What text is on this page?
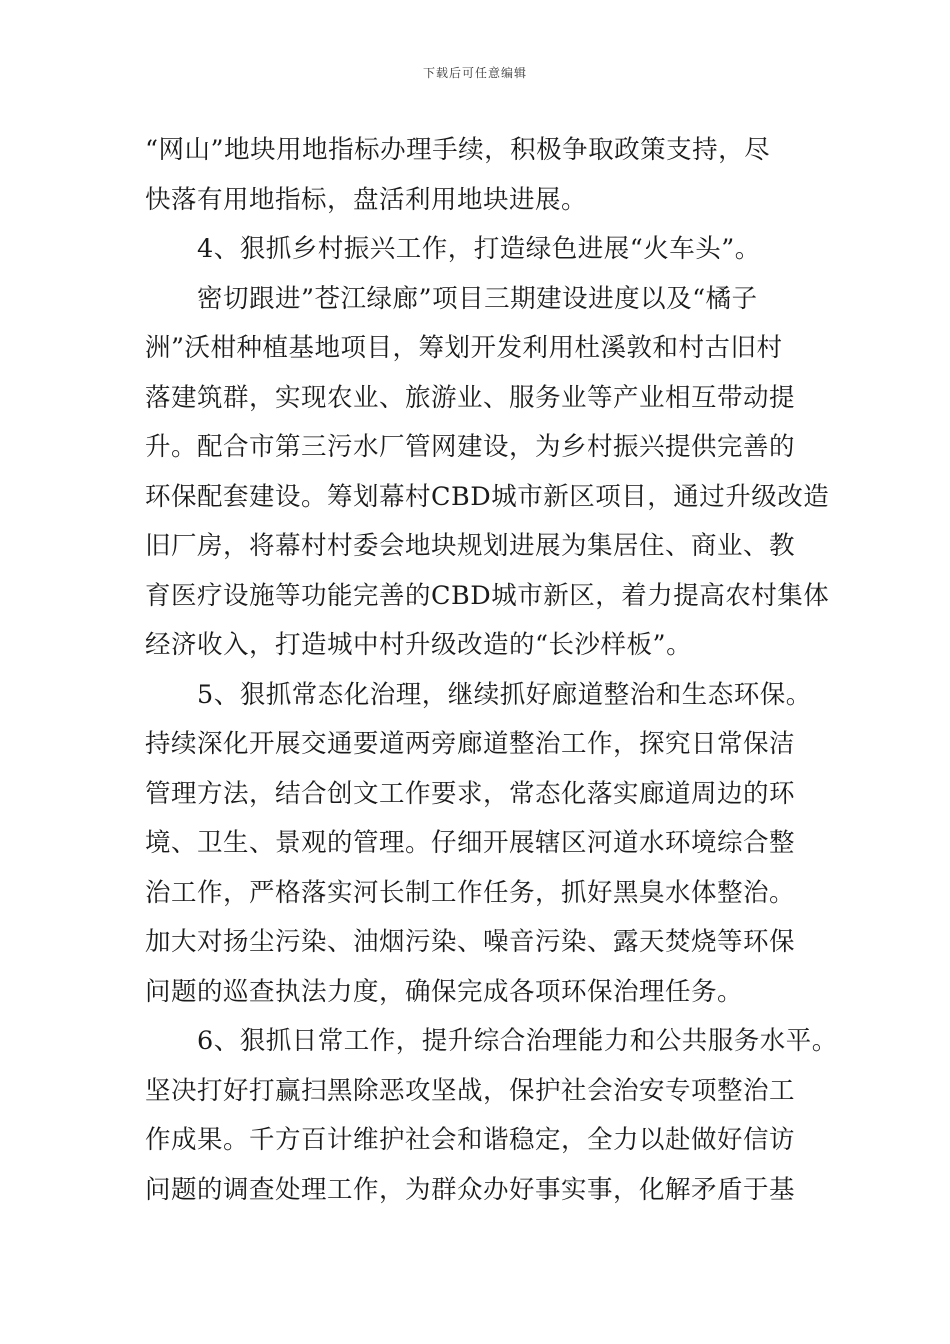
下载后可任意编辑
“网山”地块用地指标办理手续，积极争取政策支持，尽
快落有用地指标，盘活利用地块进展。
4、狠抓乡村振兴工作，打造绿色进展“火车头”。
密切跟进”苍江绿廊”项目三期建设进度以及“橘子
洲”沃柑种植基地项目，筹划开发利用杜溪敦和村古旧村
落建筑群，实现农业、旅游业、服务业等产业相互带动提
升。配合市第三污水厂管网建设，为乡村振兴提供完善的
环保配套建设。筹划幕村CBD城市新区项目，通过升级改造
旧厂房，将幕村村委会地块规划进展为集居住、商业、教
育医疗设施等功能完善的CBD城市新区，着力提高农村集体
经济收入，打造城中村升级改造的“长沙样板”。
5、狠抓常态化治理，继续抓好廊道整治和生态环保。
持续深化开展交通要道两旁廊道整治工作，探究日常保洁
管理方法，结合创文工作要求，常态化落实廊道周边的环
境、卫生、景观的管理。仔细开展辖区河道水环境综合整
治工作，严格落实河长制工作任务，抓好黑臭水体整治。
加大对扬尘污染、油烟污染、噪音污染、露天焚烧等环保
问题的巡查执法力度，确保完成各项环保治理任务。
6、狠抓日常工作，提升综合治理能力和公共服务水平。
坚决打好打赢扫黑除恶攻坚战，保护社会治安专项整治工
作成果。千方百计维护社会和谐稳定，全力以赴做好信访
问题的调查处理工作，为群众办好事实事，化解矛盾于基
